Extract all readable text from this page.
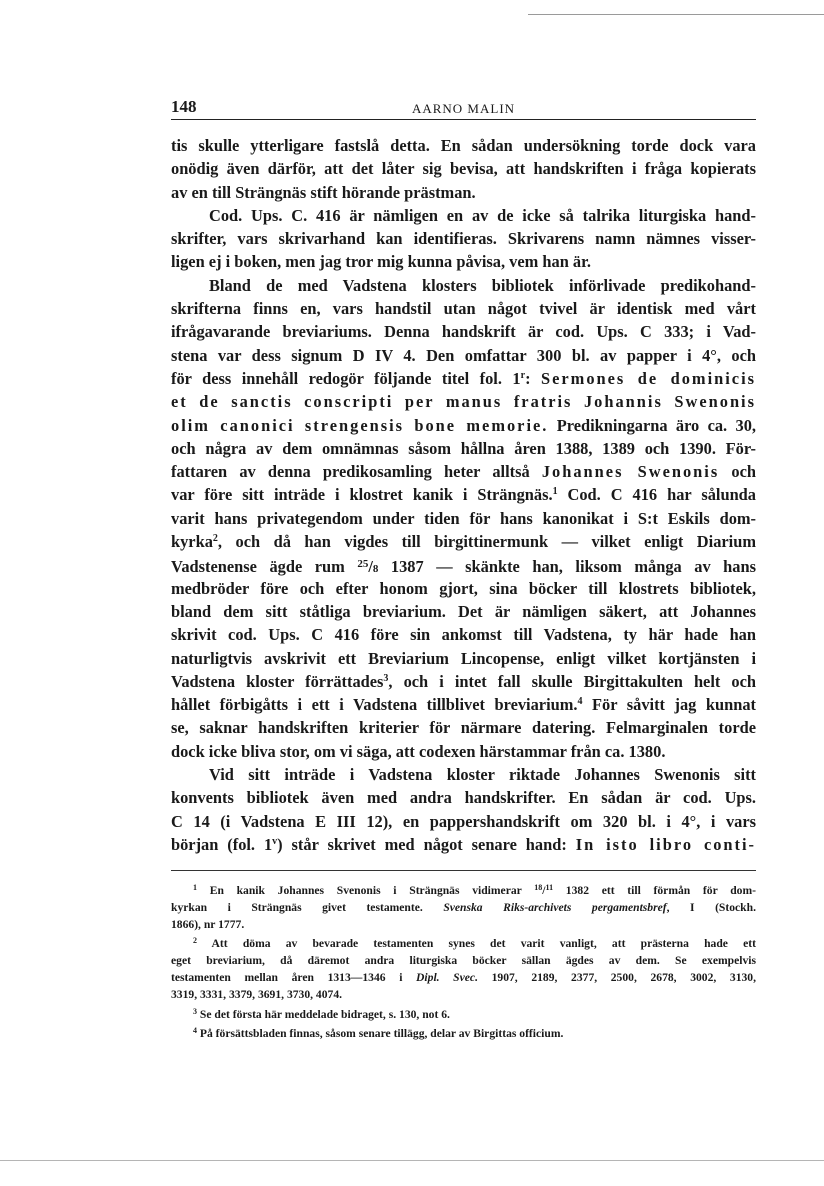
148	AARNO MALIN
tis skulle ytterligare fastslå detta. En sådan undersökning torde dock vara
onödig även därför, att det låter sig bevisa, att handskriften i fråga kopierats
av en till Strängnäs stift hörande prästman.
Cod. Ups. C. 416 är nämligen en av de icke så talrika liturgiska hand-
skrifter, vars skrivarhand kan identifieras. Skrivarens namn nämnes visser-
ligen ej i boken, men jag tror mig kunna påvisa, vem han är.
Bland de med Vadstena klosters bibliotek införlivade predikohand-
skrifterna finns en, vars handstil utan något tvivel är identisk med vårt
ifrågavarande breviariums. Denna handskrift är cod. Ups. C 333; i Vad-
stena var dess signum D IV 4. Den omfattar 300 bl. av papper i 4°, och
för dess innehåll redogör följande titel fol. 1$^r$: Sermones de dominicis
et de sanctis conscripti per manus fratris Johannis Swenonis
olim canonici strengensis bone memorie. Predikningarna äro ca. 30,
och några av dem omnämnas såsom hållna åren 1388, 1389 och 1390. För-
fattaren av denna predikosamling heter alltså Johannes Swenonis och
var före sitt inträde i klostret kanik i Strängnäs.$^1$ Cod. C 416 har sålunda
varit hans privategendom under tiden för hans kanonikat i S:t Eskils dom-
kyrka$^2$, och då han vigdes till birgittinermunk — vilket enligt Diarium
Vadstenense ägde rum $^{25}$/8 1387 — skänkte han, liksom många av hans
medbröder före och efter honom gjort, sina böcker till klostrets bibliotek,
bland dem sitt ståtliga breviarium. Det är nämligen säkert, att Johannes
skrivit cod. Ups. C 416 före sin ankomst till Vadstena, ty här hade han
naturligtvis avskrivit ett Breviarium Lincopense, enligt vilket kortjänsten i
Vadstena kloster förrättades$^3$, och i intet fall skulle Birgittakulten helt och
hållet förbigåtts i ett i Vadstena tillblivet breviarium.$^4$ För såvitt jag kunnat
se, saknar handskriften kriterier för närmare datering. Felmarginalen torde
dock icke bliva stor, om vi säga, att codexen härstammar från ca. 1380.
Vid sitt inträde i Vadstena kloster riktade Johannes Swenonis sitt
konvents bibliotek även med andra handskrifter. En sådan är cod. Ups.
C 14 (i Vadstena E III 12), en pappershandskrift om 320 bl. i 4°, i vars
början (fol. 1$^v$) står skrivet med något senare hand: In isto libro conti-
$^1$ En kanik Johannes Svenonis i Strängnäs vidimerar $^{18}$/$^{11}$ 1382 ett till förmån för dom-
kyrkan i Strängnäs givet testamente. Svenska Riks-archivets pergamentsbref, I (Stockh.
1866), nr 1777.
$^2$ Att döma av bevarade testamenten synes det varit vanligt, att prästerna hade ett
eget breviarium, då däremot andra liturgiska böcker sällan ägdes av dem. Se exempelvis
testamenten mellan åren 1313—1346 i Dipl. Svec. 1907, 2189, 2377, 2500, 2678, 3002, 3130,
3319, 3331, 3379, 3691, 3730, 4074.
$^3$ Se det första här meddelade bidraget, s. 130, not 6.
$^4$ På försättsbladen finnas, såsom senare tillägg, delar av Birgittas officium.
